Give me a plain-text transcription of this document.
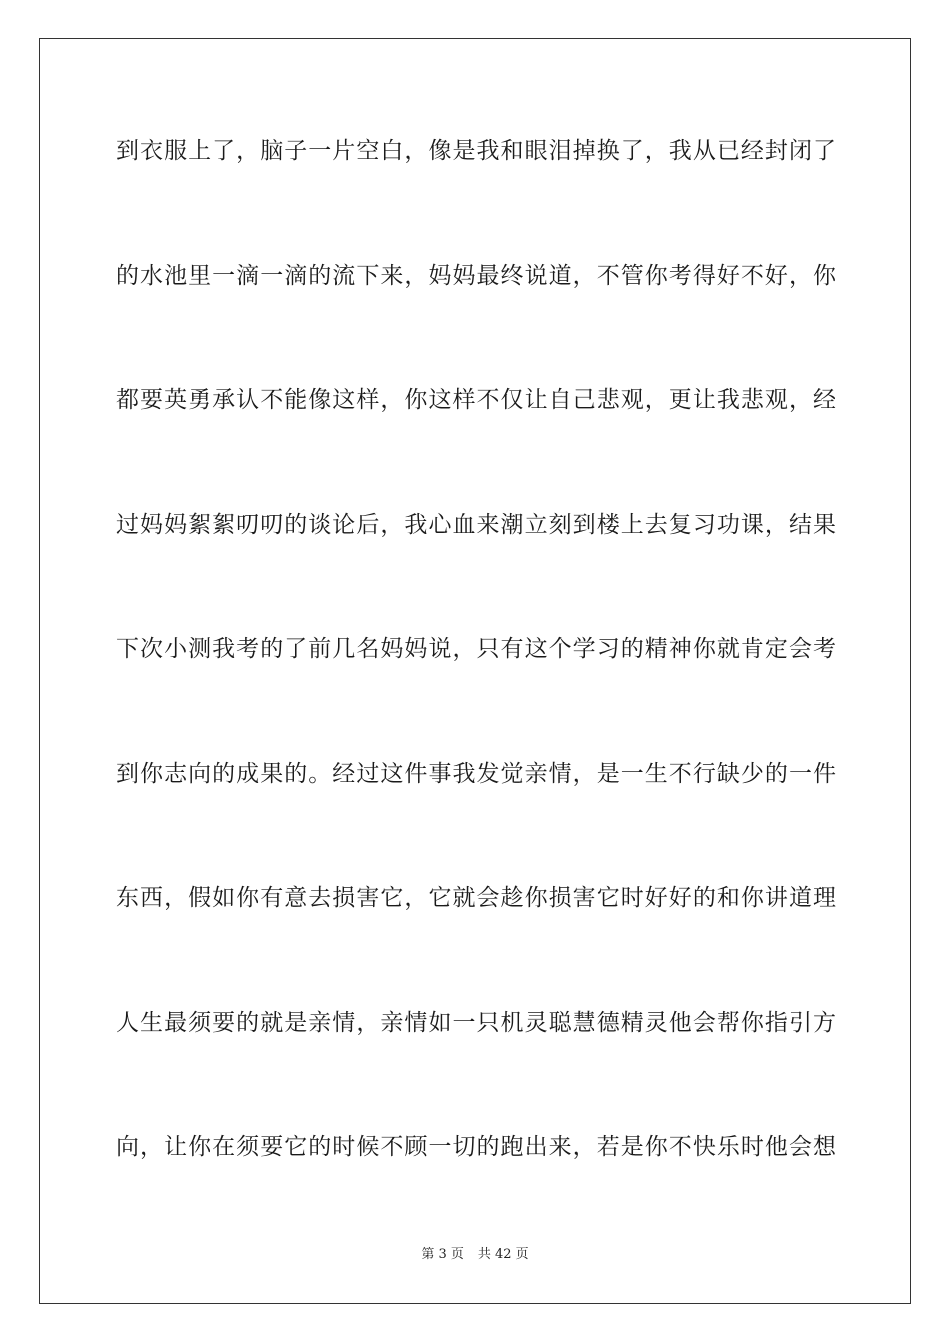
到衣服上了，脑子一片空白，像是我和眼泪掉换了，我从已经封闭了
的水池里一滴一滴的流下来，妈妈最终说道，不管你考得好不好，你
都要英勇承认不能像这样，你这样不仅让自己悲观，更让我悲观，经
过妈妈絮絮叨叨的谈论后，我心血来潮立刻到楼上去复习功课，结果
下次小测我考的了前几名妈妈说，只有这个学习的精神你就肯定会考
到你志向的成果的。经过这件事我发觉亲情，是一生不行缺少的一件
东西，假如你有意去损害它，它就会趁你损害它时好好的和你讲道理
人生最须要的就是亲情，亲情如一只机灵聪慧德精灵他会帮你指引方
向，让你在须要它的时候不顾一切的跑出来，若是你不快乐时他会想
第 3 页 共 42 页
